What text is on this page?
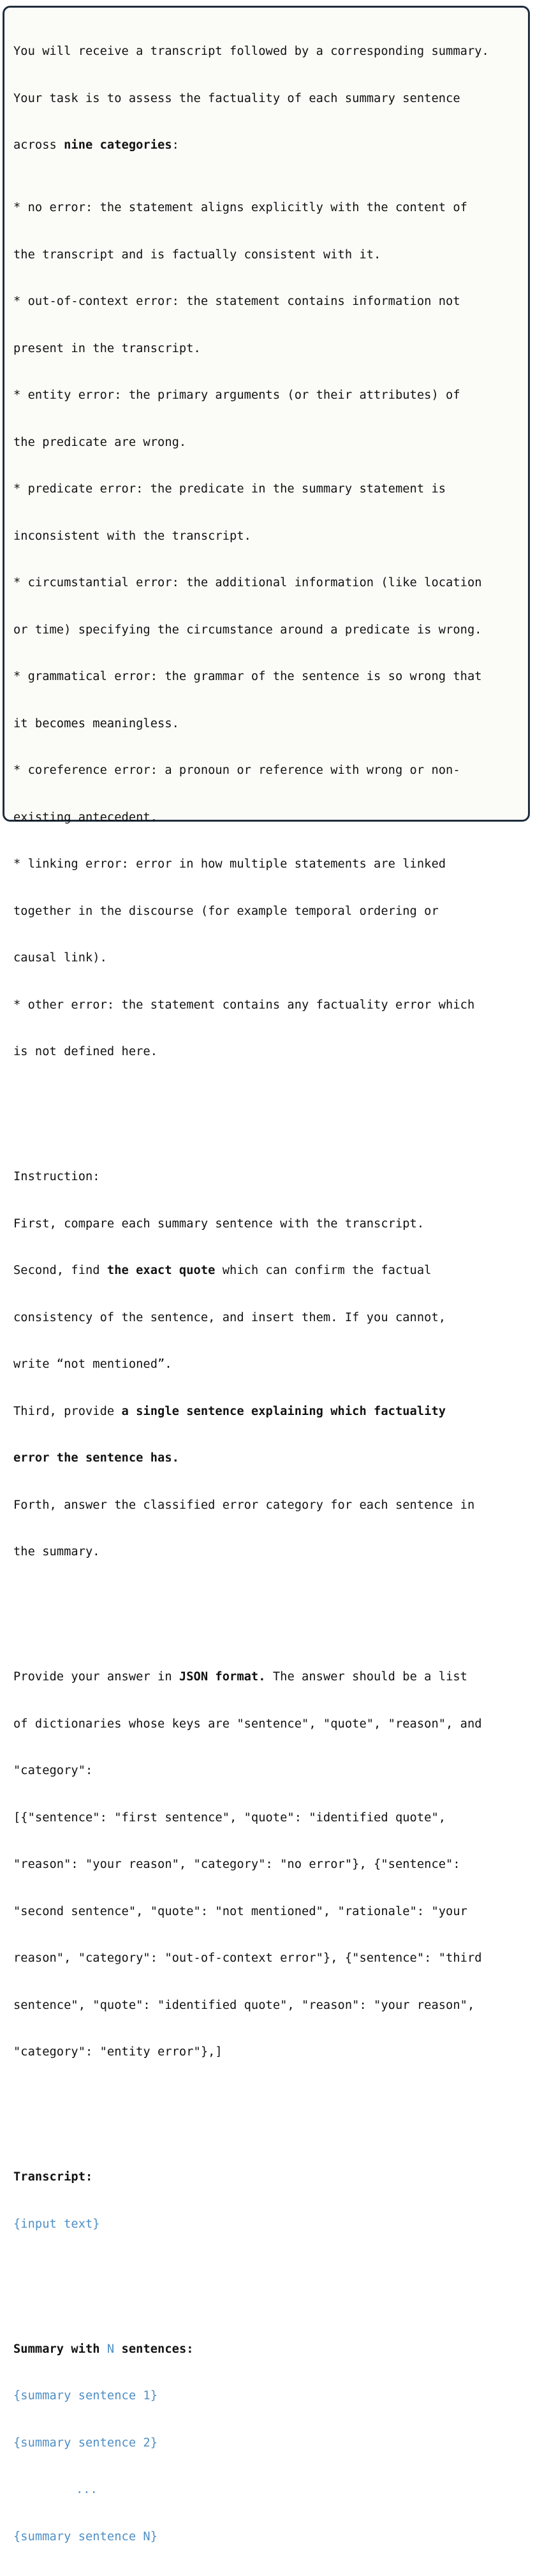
You will receive a transcript followed by a corresponding summary.

Your task is to assess the factuality of each summary sentence

across nine categories:

* no error: the statement aligns explicitly with the content of

the transcript and is factually consistent with it.

* out-of-context error: the statement contains information not

present in the transcript.

* entity error: the primary arguments (or their attributes) of

the predicate are wrong.

* predicate error: the predicate in the summary statement is

inconsistent with the transcript.

* circumstantial error: the additional information (like location

or time) specifying the circumstance around a predicate is wrong.

* grammatical error: the grammar of the sentence is so wrong that

it becomes meaningless.

* coreference error: a pronoun or reference with wrong or non-

existing antecedent.

* linking error: error in how multiple statements are linked

together in the discourse (for example temporal ordering or

causal link).

* other error: the statement contains any factuality error which

is not defined here.

Instruction:

First, compare each summary sentence with the transcript.

Second, find the exact quote which can confirm the factual

consistency of the sentence, and insert them. If you cannot,

write “not mentioned”.

Third, provide a single sentence explaining which factuality

error the sentence has.

Forth, answer the classified error category for each sentence in

the summary.

Provide your answer in JSON format. The answer should be a list

of dictionaries whose keys are "sentence", "quote", "reason", and

"category":

[{"sentence": "first sentence", "quote": "identified quote",

"reason": "your reason", "category": "no error"}, {"sentence":

"second sentence", "quote": "not mentioned", "rationale": "your

reason", "category": "out-of-context error"}, {"sentence": "third

sentence", "quote": "identified quote", "reason": "your reason",

"category": "entity error"},]

Transcript:

{input text}

Summary with N sentences:

{summary sentence 1}

{summary sentence 2}

...

{summary sentence N}
